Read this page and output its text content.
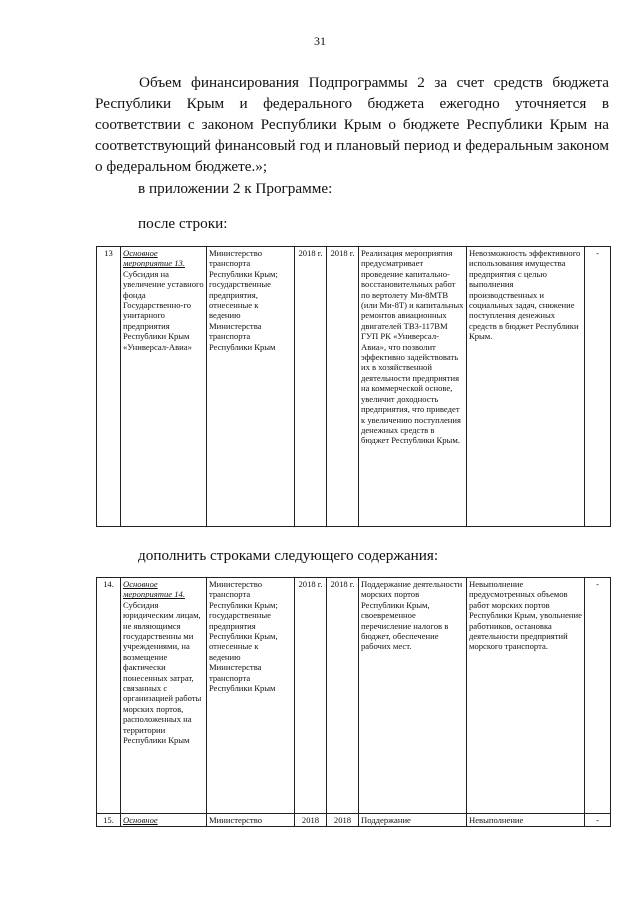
31
Объем финансирования Подпрограммы 2 за счет средств бюджета Республики Крым и федерального бюджета ежегодно уточняется в соответствии с законом Республики Крым о бюджете Республики Крым на соответствующий финансовый год и плановый период и федеральным законом о федеральном бюджете.»;
в приложении 2 к Программе:
после строки:
13	Основное мероприятие 13. Субсидия на увеличение уставного фонда Государственно-го унитарного предприятия Республики Крым «Универсал-Авиа»	Министерство транспорта Республики Крым; государственные предприятия, отнесенные к ведению Министерства транспорта Республики Крым	2018 г.	2018 г.	Реализация мероприятия предусматривает проведение капитально-восстановительных работ по вертолету Ми-8МТВ (или Ми-8Т) и капитальных ремонтов авиационных двигателей ТВ3-117ВМ ГУП РК «Универсал-Авиа», что позволит эффективно задействовать их в хозяйственной деятельности предприятия на коммерческой основе, увеличит доходность предприятия, что приведет к увеличению поступления денежных средств в бюджет Республики Крым.	Невозможность эффективного использования имущества предприятия с целью выполнения производственных и социальных задач, снижение поступления денежных средств в бюджет Республики Крым.	-
дополнить строками следующего содержания:
14.	Основное мероприятие 14. Субсидия юридическим лицам, не являющимся государственны ми учреждениями, на возмещение фактически понесенных затрат, связанных с организацией работы морских портов, расположенных на территории Республики Крым	Министерство транспорта Республики Крым; государственные предприятия Республики Крым, отнесенные к ведению Министерства транспорта Республики Крым	2018 г.	2018 г.	Поддержание деятельности морских портов Республики Крым, своевременное перечисление налогов в бюджет, обеспечение рабочих мест.	Невыполнение предусмотренных объемов работ морских портов Республики Крым, увольнение работников, остановка деятельности предприятий морского транспорта.	-
15.	Основное	Министерство	2018	2018	Поддержание	Невыполнение	-
